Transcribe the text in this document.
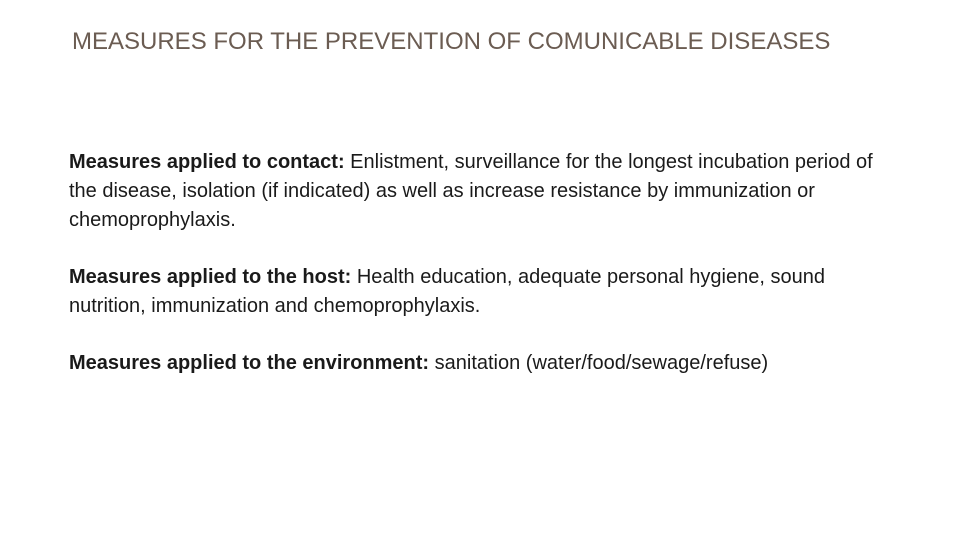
MEASURES FOR THE PREVENTION OF COMUNICABLE DISEASES

Measures applied to contact: Enlistment, surveillance for the longest incubation period of the disease, isolation (if indicated) as well as increase resistance by immunization or chemoprophylaxis.

Measures applied to the host: Health education, adequate personal hygiene, sound nutrition, immunization and chemoprophylaxis.

Measures applied to the environment: sanitation (water/food/sewage/refuse)
